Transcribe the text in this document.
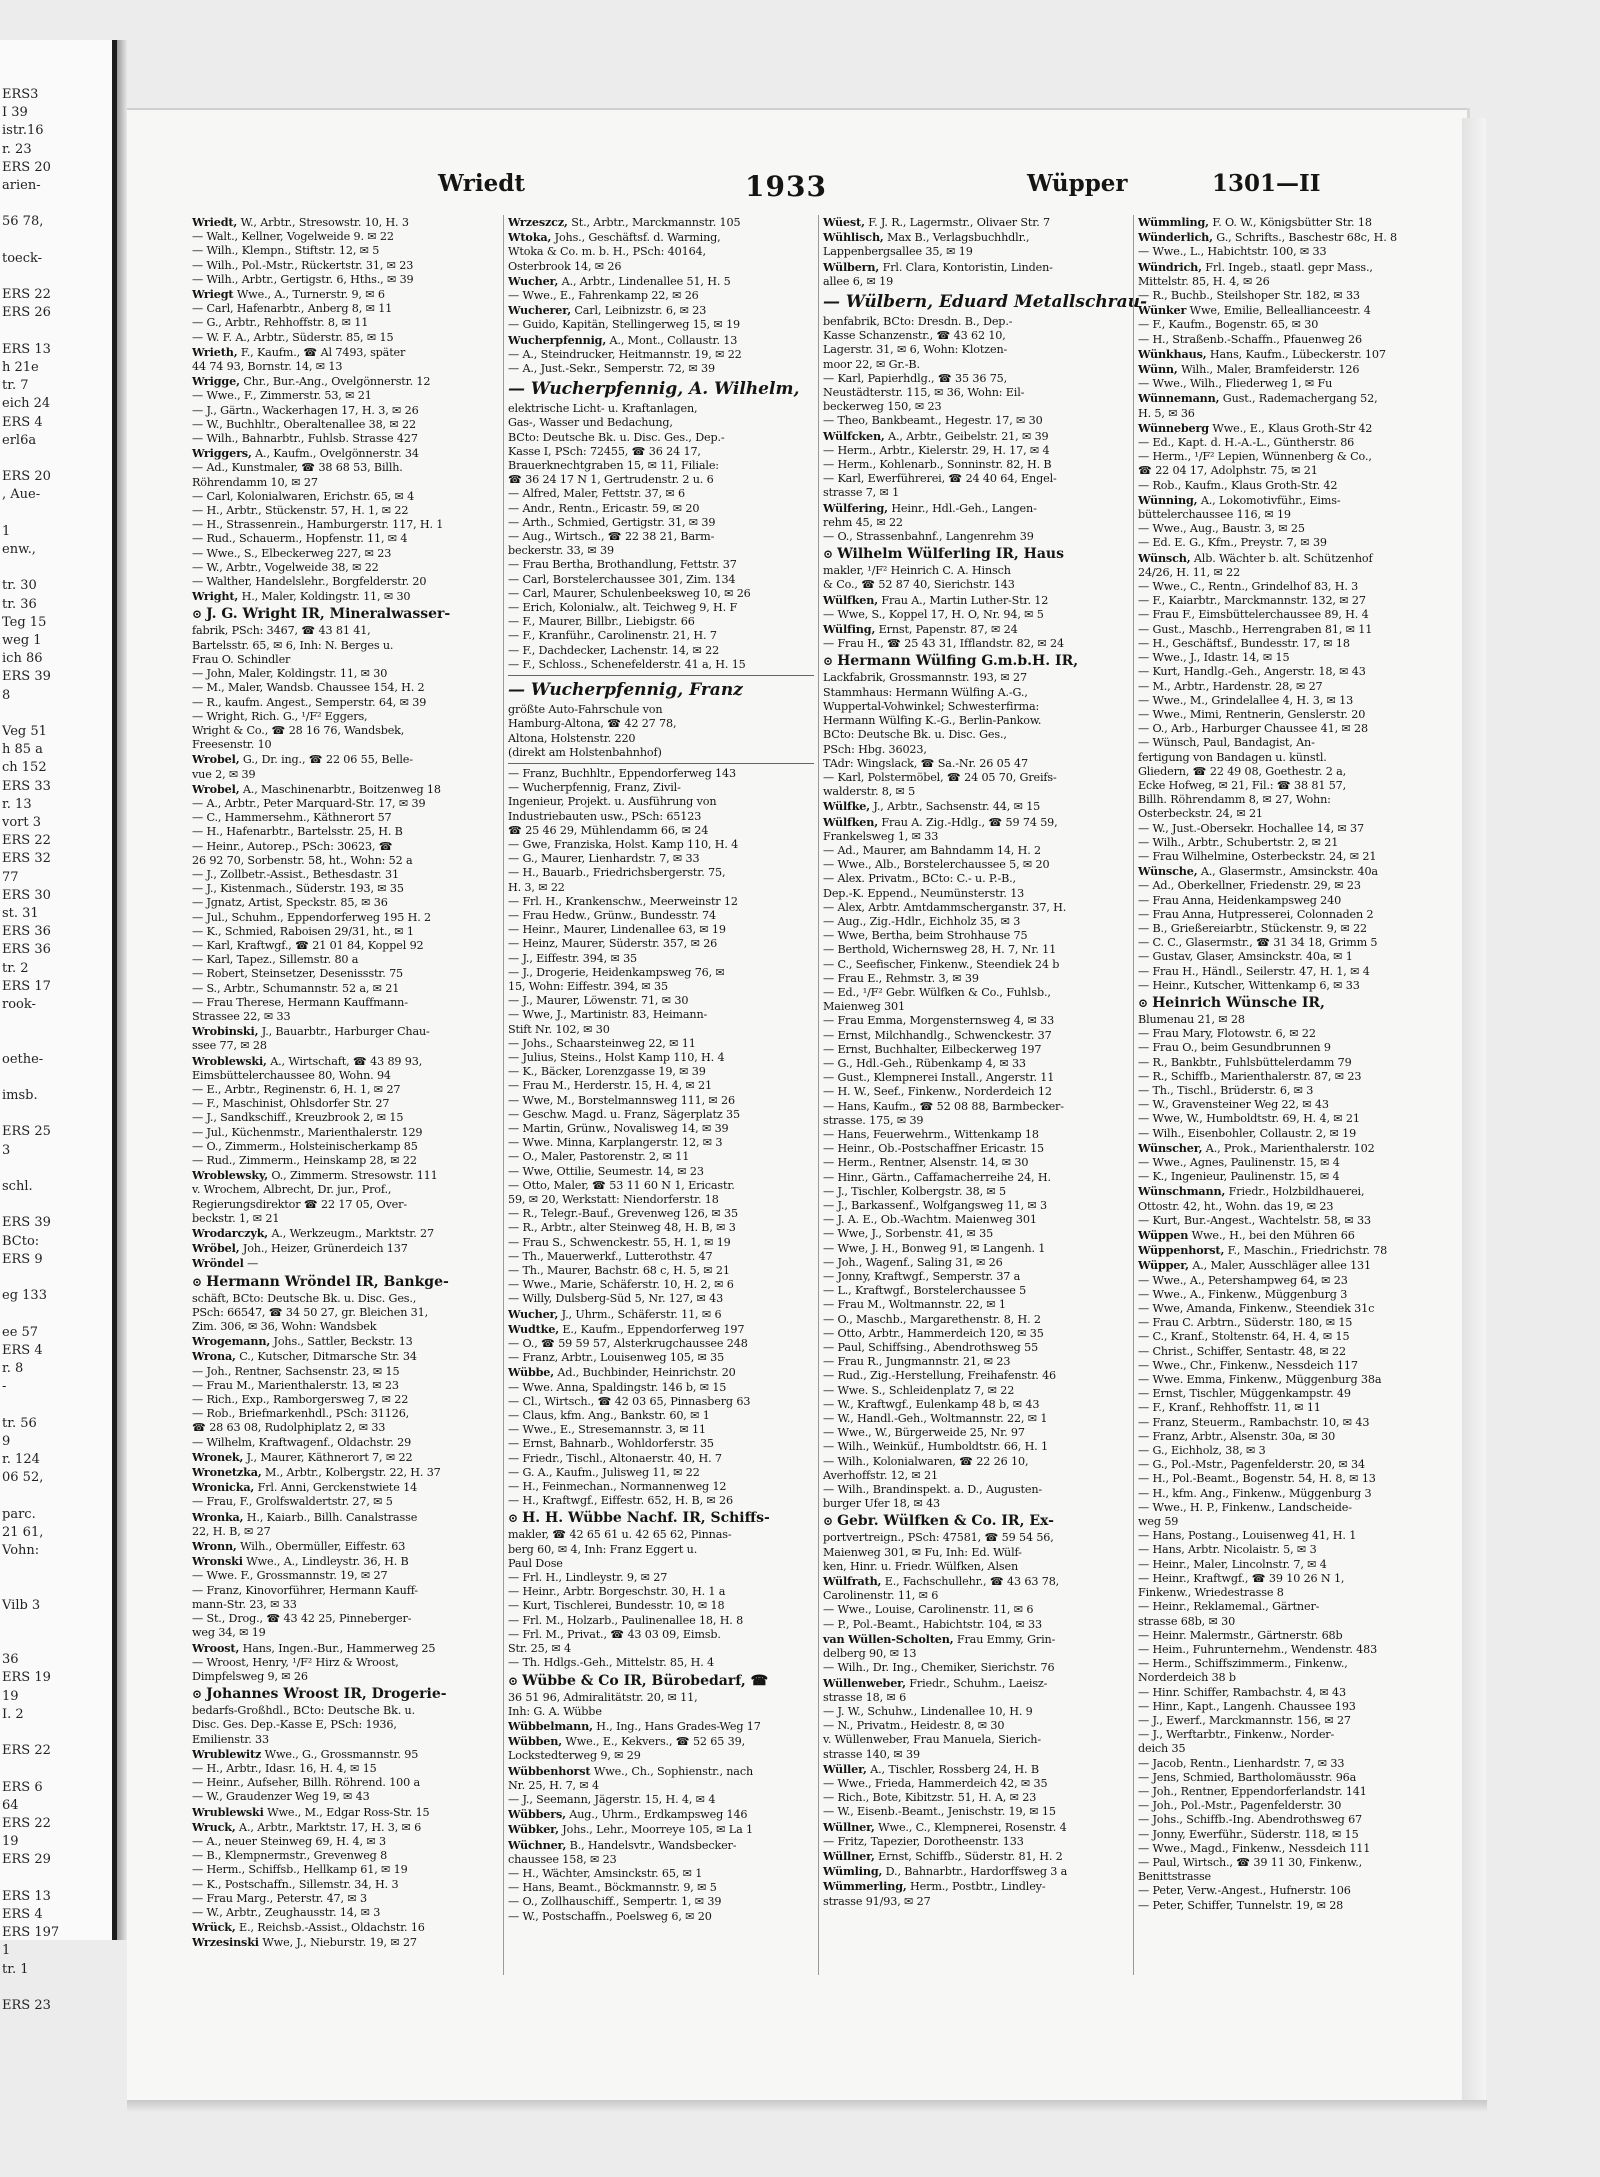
ERS3
I 39
istr.16
r. 23
ERS 20
arien-
56 78,
toeck-
ERS 22
ERS 26
ERS 13
h 21e
tr. 7
eich 24
ERS 4
erl6a
ERS 20
, Aue-
1
enw.,
tr. 30
tr. 36
Teg 15
weg 1
ich 86
ERS 39
8
Veg 51
h 85 a
ch 152
ERS 33
r. 13
vort 3
ERS 22
ERS 32
77
ERS 30
st. 31
ERS 36
ERS 36
tr. 2
ERS 17
rook-
oethe-
imsb.
ERS 25
3
schl.
ERS 39
BCto:
ERS 9
eg 133
ee 57
ERS 4
r. 8
-
tr. 56
9
r. 124
06 52,
parc.
21 61,
Vohn:
Vilb 3
36
ERS 19
19
I. 2
ERS 22
ERS 6
64
ERS 22
19
ERS 29
ERS 13
ERS 4
ERS 197
1
tr. 1
ERS 23
Wriedt	1933	Wüpper	1301—II
Wriedt, W., Arbtr., Stresowstr. 10, H. 3
— Walt., Kellner, Vogelweide 9. ✉ 22
— Wilh., Klempn., Stiftstr. 12, ✉ 5
— Wilh., Pol.-Mstr., Rückertstr. 31, ✉ 23
— Wilh., Arbtr., Gertigstr. 6, Hths., ✉ 39
Wriegt Wwe., A., Turnerstr. 9, ✉ 6
— Carl, Hafenarbtr., Anberg 8, ✉ 11
— G., Arbtr., Rehhoffstr. 8, ✉ 11
— W. F. A., Arbtr., Süderstr. 85, ✉ 15
Wrieth, F., Kaufm., ☎ Al 7493, später
44 74 93, Bornstr. 14, ✉ 13
Wrigge, Chr., Bur.-Ang., Ovelgönnerstr. 12
— Wwe., F., Zimmerstr. 53, ✉ 21
— J., Gärtn., Wackerhagen 17, H. 3, ✉ 26
— W., Buchhltr., Oberaltenallee 38, ✉ 22
— Wilh., Bahnarbtr., Fuhlsb. Strasse 427
Wriggers, A., Kaufm., Ovelgönnerstr. 34
— Ad., Kunstmaler, ☎ 38 68 53, Billh.
Röhrendamm 10, ✉ 27
— Carl, Kolonialwaren, Erichstr. 65, ✉ 4
— H., Arbtr., Stückenstr. 57, H. 1, ✉ 22
— H., Strassenrein., Hamburgerstr. 117, H. 1
— Rud., Schauerm., Hopfenstr. 11, ✉ 4
— Wwe., S., Elbeckerweg 227, ✉ 23
— W., Arbtr., Vogelweide 38, ✉ 22
— Walther, Handelslehr., Borgfelderstr. 20
Wright, H., Maler, Koldingstr. 11, ✉ 30
⊙ J. G. Wright IR, Mineralwasser-
fabrik, PSch: 3467, ☎ 43 81 41,
Bartelsstr. 65, ✉ 6, Inh: N. Berges u.
Frau O. Schindler
— John, Maler, Koldingstr. 11, ✉ 30
— M., Maler, Wandsb. Chaussee 154, H. 2
— R., kaufm. Angest., Semperstr. 64, ✉ 39
— Wright, Rich. G., ¹/F² Eggers,
Wright & Co., ☎ 28 16 76, Wandsbek,
Freesenstr. 10
Wrobel, G., Dr. ing., ☎ 22 06 55, Belle-
vue 2, ✉ 39
Wrobel, A., Maschinenarbtr., Boitzenweg 18
— A., Arbtr., Peter Marquard-Str. 17, ✉ 39
— C., Hammersehm., Käthnerort 57
— H., Hafenarbtr., Bartelsstr. 25, H. B
— Heinr., Autorep., PSch: 30623, ☎
26 92 70, Sorbenstr. 58, ht., Wohn: 52 a
— J., Zollbetr.-Assist., Bethesdastr. 31
— J., Kistenmach., Süderstr. 193, ✉ 35
— Jgnatz, Artist, Speckstr. 85, ✉ 36
— Jul., Schuhm., Eppendorferweg 195 H. 2
— K., Schmied, Raboisen 29/31, ht., ✉ 1
— Karl, Kraftwgf., ☎ 21 01 84, Koppel 92
— Karl, Tapez., Sillemstr. 80 a
— Robert, Steinsetzer, Desenissstr. 75
— S., Arbtr., Schumannstr. 52 a, ✉ 21
— Frau Therese, Hermann Kauffmann-
Strassee 22, ✉ 33
Wrobinski, J., Bauarbtr., Harburger Chau-
ssee 77, ✉ 28
Wroblewski, A., Wirtschaft, ☎ 43 89 93,
Eimsbüttelerchaussee 80, Wohn. 94
— E., Arbtr., Reginenstr. 6, H. 1, ✉ 27
— F., Maschinist, Ohlsdorfer Str. 27
— J., Sandkschiff., Kreuzbrook 2, ✉ 15
— Jul., Küchenmstr., Marienthalerstr. 129
— O., Zimmerm., Holsteinischerkamp 85
— Rud., Zimmerm., Heinskamp 28, ✉ 22
Wroblewsky, O., Zimmerm. Stresowstr. 111
v. Wrochem, Albrecht, Dr. jur., Prof.,
Regierungsdirektor ☎ 22 17 05, Over-
beckstr. 1, ✉ 21
Wrodarczyk, A., Werkzeugm., Marktstr. 27
Wröbel, Joh., Heizer, Grünerdeich 137
Wröndel —
⊙ Hermann Wröndel IR, Bankge-
schäft, BCto: Deutsche Bk. u. Disc. Ges.,
PSch: 66547, ☎ 34 50 27, gr. Bleichen 31,
Zim. 306, ✉ 36, Wohn: Wandsbek
Wrogemann, Johs., Sattler, Beckstr. 13
Wrona, C., Kutscher, Ditmarsche Str. 34
— Joh., Rentner, Sachsenstr. 23, ✉ 15
— Frau M., Marienthalerstr. 13, ✉ 23
— Rich., Exp., Ramborgersweg 7, ✉ 22
— Rob., Briefmarkenhdl., PSch: 31126,
☎ 28 63 08, Rudolphiplatz 2, ✉ 33
— Wilhelm, Kraftwagenf., Oldachstr. 29
Wronek, J., Maurer, Käthnerort 7, ✉ 22
Wronetzka, M., Arbtr., Kolbergstr. 22, H. 37
Wronicka, Frl. Anni, Gerckenstwiete 14
— Frau, F., Grolfswaldertstr. 27, ✉ 5
Wronka, H., Kaiarb., Billh. Canalstrasse
22, H. B, ✉ 27
Wronn, Wilh., Obermüller, Eiffestr. 63
Wronski Wwe., A., Lindleystr. 36, H. B
— Wwe. F., Grossmannstr. 19, ✉ 27
— Franz, Kinovorführer, Hermann Kauff-
mann-Str. 23, ✉ 33
— St., Drog., ☎ 43 42 25, Pinneberger-
weg 34, ✉ 19
Wroost, Hans, Ingen.-Bur., Hammerweg 25
— Wroost, Henry, ¹/F² Hirz & Wroost,
Dimpfelsweg 9, ✉ 26
⊙ Johannes Wroost IR, Drogerie-
bedarfs-Großhdl., BCto: Deutsche Bk. u.
Disc. Ges. Dep.-Kasse E, PSch: 1936,
Emilienstr. 33
Wrublewitz Wwe., G., Grossmannstr. 95
— H., Arbtr., Idasr. 16, H. 4, ✉ 15
— Heinr., Aufseher, Billh. Röhrend. 100 a
— W., Graudenzer Weg 19, ✉ 43
Wrublewski Wwe., M., Edgar Ross-Str. 15
Wruck, A., Arbtr., Marktstr. 17, H. 3, ✉ 6
— A., neuer Steinweg 69, H. 4, ✉ 3
— B., Klempnermstr., Grevenweg 8
— Herm., Schiffsb., Hellkamp 61, ✉ 19
— K., Postschaffn., Sillemstr. 34, H. 3
— Frau Marg., Peterstr. 47, ✉ 3
— W., Arbtr., Zeughausstr. 14, ✉ 3
Wrück, E., Reichsb.-Assist., Oldachstr. 16
Wrzesinski Wwe, J., Nieburstr. 19, ✉ 27
Wrzeszcz, St., Arbtr., Marckmannstr. 105
Wtoka, Johs., Geschäftsf. d. Warming,
Wtoka & Co. m. b. H., PSch: 40164,
Osterbrook 14, ✉ 26
Wucher, A., Arbtr., Lindenallee 51, H. 5
— Wwe., E., Fahrenkamp 22, ✉ 26
Wucherer, Carl, Leibnizstr. 6, ✉ 23
— Guido, Kapitän, Stellingerweg 15, ✉ 19
Wucherpfennig, A., Mont., Collaustr. 13
— A., Steindrucker, Heitmannstr. 19, ✉ 22
— A., Just.-Sekr., Semperstr. 72, ✉ 39
— Wucherpfennig, A. Wilhelm,
elektrische Licht- u. Kraftanlagen,
Gas-, Wasser und Bedachung,
BCto: Deutsche Bk. u. Disc. Ges., Dep.-
Kasse I, PSch: 72455, ☎ 36 24 17,
Brauerknechtgraben 15, ✉ 11, Filiale:
☎ 36 24 17 N 1, Gertrudenstr. 2 u. 6
— Alfred, Maler, Fettstr. 37, ✉ 6
— Andr., Rentn., Ericastr. 59, ✉ 20
— Arth., Schmied, Gertigstr. 31, ✉ 39
— Aug., Wirtsch., ☎ 22 38 21, Barm-
beckerstr. 33, ✉ 39
— Frau Bertha, Brothandlung, Fettstr. 37
— Carl, Borstelerchaussee 301, Zim. 134
— Carl, Maurer, Schulenbeeksweg 10, ✉ 26
— Erich, Kolonialw., alt. Teichweg 9, H. F
— F., Maurer, Billbr., Liebigstr. 66
— F., Kranführ., Carolinenstr. 21, H. 7
— F., Dachdecker, Lachenstr. 14, ✉ 22
— F., Schloss., Schenefelderstr. 41 a, H. 15
— Wucherpfennig, Franz
größte Auto-Fahrschule von
Hamburg-Altona, ☎ 42 27 78,
Altona, Holstenstr. 220
(direkt am Holstenbahnhof)
— Franz, Buchhltr., Eppendorferweg 143
— Wucherpfennig, Franz, Zivil-
Ingenieur, Projekt. u. Ausführung von
Industriebauten usw., PSch: 65123
☎ 25 46 29, Mühlendamm 66, ✉ 24
— Gwe, Franziska, Holst. Kamp 110, H. 4
— G., Maurer, Lienhardstr. 7, ✉ 33
— H., Bauarb., Friedrichsbergerstr. 75,
H. 3, ✉ 22
— Frl. H., Krankenschw., Meerweinstr 12
— Frau Hedw., Grünw., Bundesstr. 74
— Heinr., Maurer, Lindenallee 63, ✉ 19
— Heinz, Maurer, Süderstr. 357, ✉ 26
— J., Eiffestr. 394, ✉ 35
— J., Drogerie, Heidenkampsweg 76, ✉
15, Wohn: Eiffestr. 394, ✉ 35
— J., Maurer, Löwenstr. 71, ✉ 30
— Wwe, J., Martinistr. 83, Heimann-
Stift Nr. 102, ✉ 30
— Johs., Schaarsteinweg 22, ✉ 11
— Julius, Steins., Holst Kamp 110, H. 4
— K., Bäcker, Lorenzgasse 19, ✉ 39
— Frau M., Herderstr. 15, H. 4, ✉ 21
— Wwe, M., Borstelmannsweg 111, ✉ 26
— Geschw. Magd. u. Franz, Sägerplatz 35
— Martin, Grünw., Novalisweg 14, ✉ 39
— Wwe. Minna, Karplangerstr. 12, ✉ 3
— O., Maler, Pastorenstr. 2, ✉ 11
— Wwe, Ottilie, Seumestr. 14, ✉ 23
— Otto, Maler, ☎ 53 11 60 N 1, Ericastr.
59, ✉ 20, Werkstatt: Niendorferstr. 18
— R., Telegr.-Bauf., Grevenweg 126, ✉ 35
— R., Arbtr., alter Steinweg 48, H. B, ✉ 3
— Frau S., Schwenckestr. 55, H. 1, ✉ 19
— Th., Mauerwerkf., Lutterothstr. 47
— Th., Maurer, Bachstr. 68 c, H. 5, ✉ 21
— Wwe., Marie, Schäferstr. 10, H. 2, ✉ 6
— Willy, Dulsberg-Süd 5, Nr. 127, ✉ 43
Wucher, J., Uhrm., Schäferstr. 11, ✉ 6
Wudtke, E., Kaufm., Eppendorferweg 197
— O., ☎ 59 59 57, Alsterkrugchaussee 248
— Franz, Arbtr., Louisenweg 105, ✉ 35
Wübbe, Ad., Buchbinder, Heinrichstr. 20
— Wwe. Anna, Spaldingstr. 146 b, ✉ 15
— Cl., Wirtsch., ☎ 42 03 65, Pinnasberg 63
— Claus, kfm. Ang., Bankstr. 60, ✉ 1
— Wwe., E., Stresemannstr. 3, ✉ 11
— Ernst, Bahnarb., Wohldorferstr. 35
— Friedr., Tischl., Altonaerstr. 40, H. 7
— G. A., Kaufm., Julisweg 11, ✉ 22
— H., Feinmechan., Normannenweg 12
— H., Kraftwgf., Eiffestr. 652, H. B, ✉ 26
⊙ H. H. Wübbe Nachf. IR, Schiffs-
makler, ☎ 42 65 61 u. 42 65 62, Pinnas-
berg 60, ✉ 4, Inh: Franz Eggert u.
Paul Dose
— Frl. H., Lindleystr. 9, ✉ 27
— Heinr., Arbtr. Borgeschstr. 30, H. 1 a
— Kurt, Tischlerei, Bundesstr. 10, ✉ 18
— Frl. M., Holzarb., Paulinenallee 18, H. 8
— Frl. M., Privat., ☎ 43 03 09, Eimsb.
Str. 25, ✉ 4
— Th. Hdlgs.-Geh., Mittelstr. 85, H. 4
⊙ Wübbe & Co IR, Bürobedarf, ☎
36 51 96, Admiralitätstr. 20, ✉ 11,
Inh: G. A. Wübbe
Wübbelmann, H., Ing., Hans Grades-Weg 17
Wübben, Wwe., E., Kekvers., ☎ 52 65 39,
Lockstedterweg 9, ✉ 29
Wübbenhorst Wwe., Ch., Sophienstr., nach
Nr. 25, H. 7, ✉ 4
— J., Seemann, Jägerstr. 15, H. 4, ✉ 4
Wübbers, Aug., Uhrm., Erdkampsweg 146
Wübker, Johs., Lehr., Moorreye 105, ✉ La 1
Wüchner, B., Handelsvtr., Wandsbecker-
chaussee 158, ✉ 23
— H., Wächter, Amsinckstr. 65, ✉ 1
— Hans, Beamt., Böckmannstr. 9, ✉ 5
— O., Zollhauschiff., Sempertr. 1, ✉ 39
— W., Postschaffn., Poelsweg 6, ✉ 20
Wüest, F. J. R., Lagermstr., Olivaer Str. 7
Wühlisch, Max B., Verlagsbuchhdlr.,
Lappenbergsallee 35, ✉ 19
Wülbern, Frl. Clara, Kontoristin, Linden-
allee 6, ✉ 19
— Wülbern, Eduard Metallschrau-
benfabrik, BCto: Dresdn. B., Dep.-
Kasse Schanzenstr., ☎ 43 62 10,
Lagerstr. 31, ✉ 6, Wohn: Klotzen-
moor 22, ✉ Gr.-B.
— Karl, Papierhdlg., ☎ 35 36 75,
Neustädterstr. 115, ✉ 36, Wohn: Eil-
beckerweg 150, ✉ 23
— Theo, Bankbeamt., Hegestr. 17, ✉ 30
Wülfcken, A., Arbtr., Geibelstr. 21, ✉ 39
— Herm., Arbtr., Kielerstr. 29, H. 17, ✉ 4
— Herm., Kohlenarb., Sonninstr. 82, H. B
— Karl, Ewerführerei, ☎ 24 40 64, Engel-
strasse 7, ✉ 1
Wülfering, Heinr., Hdl.-Geh., Langen-
rehm 45, ✉ 22
— O., Strassenbahnf., Langenrehm 39
⊙ Wilhelm Wülferling IR, Haus
makler, ¹/F² Heinrich C. A. Hinsch
& Co., ☎ 52 87 40, Sierichstr. 143
Wülfken, Frau A., Martin Luther-Str. 12
— Wwe, S., Koppel 17, H. O, Nr. 94, ✉ 5
Wülfing, Ernst, Papenstr. 87, ✉ 24
— Frau H., ☎ 25 43 31, Ifflandstr. 82, ✉ 24
⊙ Hermann Wülfing G.m.b.H. IR,
Lackfabrik, Grossmannstr. 193, ✉ 27
Stammhaus: Hermann Wülfing A.-G.,
Wuppertal-Vohwinkel; Schwesterfirma:
Hermann Wülfing K.-G., Berlin-Pankow.
BCto: Deutsche Bk. u. Disc. Ges.,
PSch: Hbg. 36023,
TAdr: Wingslack, ☎ Sa.-Nr. 26 05 47
— Karl, Polstermöbel, ☎ 24 05 70, Greifs-
walderstr. 8, ✉ 5
Wülfke, J., Arbtr., Sachsenstr. 44, ✉ 15
Wülfken, Frau A. Zig.-Hdlg., ☎ 59 74 59,
Frankelsweg 1, ✉ 33
— Ad., Maurer, am Bahndamm 14, H. 2
— Wwe., Alb., Borstelerchaussee 5, ✉ 20
— Alex. Privatm., BCto: C.- u. P.-B.,
Dep.-K. Eppend., Neumünsterstr. 13
— Alex, Arbtr. Amtdammscherganstr. 37, H.
— Aug., Zig.-Hdlr., Eichholz 35, ✉ 3
— Wwe, Bertha, beim Strohhause 75
— Berthold, Wichernsweg 28, H. 7, Nr. 11
— C., Seefischer, Finkenw., Steendiek 24 b
— Frau E., Rehmstr. 3, ✉ 39
— Ed., ¹/F² Gebr. Wülfken & Co., Fuhlsb.,
Maienweg 301
— Frau Emma, Morgensternsweg 4, ✉ 33
— Ernst, Milchhandlg., Schwenckestr. 37
— Ernst, Buchhalter, Eilbeckerweg 197
— G., Hdl.-Geh., Rübenkamp 4, ✉ 33
— Gust., Klempnerei Install., Angerstr. 11
— H. W., Seef., Finkenw., Norderdeich 12
— Hans, Kaufm., ☎ 52 08 88, Barmbecker-
strasse. 175, ✉ 39
— Hans, Feuerwehrm., Wittenkamp 18
— Heinr., Ob.-Postschaffner Ericastr. 15
— Herm., Rentner, Alsenstr. 14, ✉ 30
— Hinr., Gärtn., Caffamacherreihe 24, H.
— J., Tischler, Kolbergstr. 38, ✉ 5
— J., Barkassenf., Wolfgangsweg 11, ✉ 3
— J. A. E., Ob.-Wachtm. Maienweg 301
— Wwe, J., Sorbenstr. 41, ✉ 35
— Wwe, J. H., Bonweg 91, ✉ Langenh. 1
— Joh., Wagenf., Saling 31, ✉ 26
— Jonny, Kraftwgf., Semperstr. 37 a
— L., Kraftwgf., Borstelerchaussee 5
— Frau M., Woltmannstr. 22, ✉ 1
— O., Maschb., Margarethenstr. 8, H. 2
— Otto, Arbtr., Hammerdeich 120, ✉ 35
— Paul, Schiffsing., Abendrothsweg 55
— Frau R., Jungmannstr. 21, ✉ 23
— Rud., Zig.-Herstellung, Freihafenstr. 46
— Wwe. S., Schleidenplatz 7, ✉ 22
— W., Kraftwgf., Eulenkamp 48 b, ✉ 43
— W., Handl.-Geh., Woltmannstr. 22, ✉ 1
— Wwe., W., Bürgerweide 25, Nr. 97
— Wilh., Weinküf., Humboldtstr. 66, H. 1
— Wilh., Kolonialwaren, ☎ 22 26 10,
Averhoffstr. 12, ✉ 21
— Wilh., Brandinspekt. a. D., Augusten-
burger Ufer 18, ✉ 43
⊙ Gebr. Wülfken & Co. IR, Ex-
portvertreign., PSch: 47581, ☎ 59 54 56,
Maienweg 301, ✉ Fu, Inh: Ed. Wülf-
ken, Hinr. u. Friedr. Wülfken, Alsen
Wülfrath, E., Fachschullehr., ☎ 43 63 78,
Carolinenstr. 11, ✉ 6
— Wwe., Louise, Carolinenstr. 11, ✉ 6
— P., Pol.-Beamt., Habichtstr. 104, ✉ 33
van Wüllen-Scholten, Frau Emmy, Grin-
delberg 90, ✉ 13
— Wilh., Dr. Ing., Chemiker, Sierichstr. 76
Wüllenweber, Friedr., Schuhm., Laeisz-
strasse 18, ✉ 6
— J. W., Schuhw., Lindenallee 10, H. 9
— N., Privatm., Heidestr. 8, ✉ 30
v. Wüllenweber, Frau Manuela, Sierich-
strasse 140, ✉ 39
Wüller, A., Tischler, Rossberg 24, H. B
— Wwe., Frieda, Hammerdeich 42, ✉ 35
— Rich., Bote, Kibitzstr. 51, H. A, ✉ 23
— W., Eisenb.-Beamt., Jenischstr. 19, ✉ 15
Wüllner, Wwe., C., Klempnerei, Rosenstr. 4
— Fritz, Tapezier, Dorotheenstr. 133
Wüllner, Ernst, Schiffb., Süderstr. 81, H. 2
Wümling, D., Bahnarbtr., Hardorffsweg 3 a
Wümmerling, Herm., Postbtr., Lindley-
strasse 91/93, ✉ 27
Wümmling, F. O. W., Königsbütter Str. 18
Wünderlich, G., Schrifts., Baschestr 68c, H. 8
— Wwe., L., Habichtstr. 100, ✉ 33
Wündrich, Frl. Ingeb., staatl. gepr Mass.,
Mittelstr. 85, H. 4, ✉ 26
— R., Buchb., Steilshoper Str. 182, ✉ 33
Wünker Wwe, Emilie, Belleallianceestr. 4
— F., Kaufm., Bogenstr. 65, ✉ 30
— H., Straßenb.-Schaffn., Pfauenweg 26
Wünkhaus, Hans, Kaufm., Lübeckerstr. 107
Wünn, Wilh., Maler, Bramfeiderstr. 126
— Wwe., Wilh., Fliederweg 1, ✉ Fu
Wünnemann, Gust., Rademachergang 52,
H. 5, ✉ 36
Wünneberg Wwe., E., Klaus Groth-Str 42
— Ed., Kapt. d. H.-A.-L., Güntherstr. 86
— Herm., ¹/F² Lepien, Wünnenberg & Co.,
☎ 22 04 17, Adolphstr. 75, ✉ 21
— Rob., Kaufm., Klaus Groth-Str. 42
Wünning, A., Lokomotivführ., Eims-
büttelerchaussee 116, ✉ 19
— Wwe., Aug., Baustr. 3, ✉ 25
— Ed. E. G., Kfm., Preystr. 7, ✉ 39
Wünsch, Alb. Wächter b. alt. Schützenhof
24/26, H. 11, ✉ 22
— Wwe., C., Rentn., Grindelhof 83, H. 3
— F., Kaiarbtr., Marckmannstr. 132, ✉ 27
— Frau F., Eimsbüttelerchaussee 89, H. 4
— Gust., Maschb., Herrengraben 81, ✉ 11
— H., Geschäftsf., Bundesstr. 17, ✉ 18
— Wwe., J., Idastr. 14, ✉ 15
— Kurt, Handlg.-Geh., Angerstr. 18, ✉ 43
— M., Arbtr., Hardenstr. 28, ✉ 27
— Wwe., M., Grindelallee 4, H. 3, ✉ 13
— Wwe., Mimi, Rentnerin, Genslerstr. 20
— O., Arb., Harburger Chaussee 41, ✉ 28
— Wünsch, Paul, Bandagist, An-
fertigung von Bandagen u. künstl.
Gliedern, ☎ 22 49 08, Goethestr. 2 a,
Ecke Hofweg, ✉ 21, Fil.: ☎ 38 81 57,
Billh. Röhrendamm 8, ✉ 27, Wohn:
Osterbeckstr. 24, ✉ 21
— W., Just.-Obersekr. Hochallee 14, ✉ 37
— Wilh., Arbtr., Schubertstr. 2, ✉ 21
— Frau Wilhelmine, Osterbeckstr. 24, ✉ 21
Wünsche, A., Glasermstr., Amsinckstr. 40a
— Ad., Oberkellner, Friedenstr. 29, ✉ 23
— Frau Anna, Heidenkampsweg 240
— Frau Anna, Hutpresserei, Colonnaden 2
— B., Grießereiarbtr., Stückenstr. 9, ✉ 22
— C. C., Glasermstr., ☎ 31 34 18, Grimm 5
— Gustav, Glaser, Amsinckstr. 40a, ✉ 1
— Frau H., Händl., Seilerstr. 47, H. 1, ✉ 4
— Heinr., Kutscher, Wittenkamp 6, ✉ 33
⊙ Heinrich Wünsche IR,
Blumenau 21, ✉ 28
— Frau Mary, Flotowstr. 6, ✉ 22
— Frau O., beim Gesundbrunnen 9
— R., Bankbtr., Fuhlsbüttelerdamm 79
— R., Schiffb., Marienthalerstr. 87, ✉ 23
— Th., Tischl., Brüderstr. 6, ✉ 3
— W., Gravensteiner Weg 22, ✉ 43
— Wwe, W., Humboldtstr. 69, H. 4, ✉ 21
— Wilh., Eisenbohler, Collaustr. 2, ✉ 19
Wünscher, A., Prok., Marienthalerstr. 102
— Wwe., Agnes, Paulinenstr. 15, ✉ 4
— K., Ingenieur, Paulinenstr. 15, ✉ 4
Wünschmann, Friedr., Holzbildhauerei,
Ottostr. 42, ht., Wohn. das 19, ✉ 23
— Kurt, Bur.-Angest., Wachtelstr. 58, ✉ 33
Wüppen Wwe., H., bei den Mühren 66
Wüppenhorst, F., Maschin., Friedrichstr. 78
Wüpper, A., Maler, Ausschläger allee 131
— Wwe., A., Petershampweg 64, ✉ 23
— Wwe., A., Finkenw., Müggenburg 3
— Wwe, Amanda, Finkenw., Steendiek 31c
— Frau C. Arbtrn., Süderstr. 180, ✉ 15
— C., Kranf., Stoltenstr. 64, H. 4, ✉ 15
— Christ., Schiffer, Sentastr. 48, ✉ 22
— Wwe., Chr., Finkenw., Nessdeich 117
— Wwe. Emma, Finkenw., Müggenburg 38a
— Ernst, Tischler, Müggenkampstr. 49
— F., Kranf., Rehhoffstr. 11, ✉ 11
— Franz, Steuerm., Rambachstr. 10, ✉ 43
— Franz, Arbtr., Alsenstr. 30a, ✉ 30
— G., Eichholz, 38, ✉ 3
— G., Pol.-Mstr., Pagenfelderstr. 20, ✉ 34
— H., Pol.-Beamt., Bogenstr. 54, H. 8, ✉ 13
— H., kfm. Ang., Finkenw., Müggenburg 3
— Wwe., H. P., Finkenw., Landscheide-
weg 59
— Hans, Postang., Louisenweg 41, H. 1
— Hans, Arbtr. Nicolaistr. 5, ✉ 3
— Heinr., Maler, Lincolnstr. 7, ✉ 4
— Heinr., Kraftwgf., ☎ 39 10 26 N 1,
Finkenw., Wriedestrasse 8
— Heinr., Reklamemal., Gärtner-
strasse 68b, ✉ 30
— Heinr. Malermstr., Gärtnerstr. 68b
— Heim., Fuhrunternehm., Wendenstr. 483
— Herm., Schiffszimmerm., Finkenw.,
Norderdeich 38 b
— Hinr. Schiffer, Rambachstr. 4, ✉ 43
— Hinr., Kapt., Langenh. Chaussee 193
— J., Ewerf., Marckmannstr. 156, ✉ 27
— J., Werftarbtr., Finkenw., Norder-
deich 35
— Jacob, Rentn., Lienhardstr. 7, ✉ 33
— Jens, Schmied, Bartholomäusstr. 96a
— Joh., Rentner, Eppendorferlandstr. 141
— Joh., Pol.-Mstr., Pagenfelderstr. 30
— Johs., Schiffb.-Ing. Abendrothsweg 67
— Jonny, Ewerführ., Süderstr. 118, ✉ 15
— Wwe., Magd., Finkenw., Nessdeich 111
— Paul, Wirtsch., ☎ 39 11 30, Finkenw.,
Benittstrasse
— Peter, Verw.-Angest., Hufnerstr. 106
— Peter, Schiffer, Tunnelstr. 19, ✉ 28
